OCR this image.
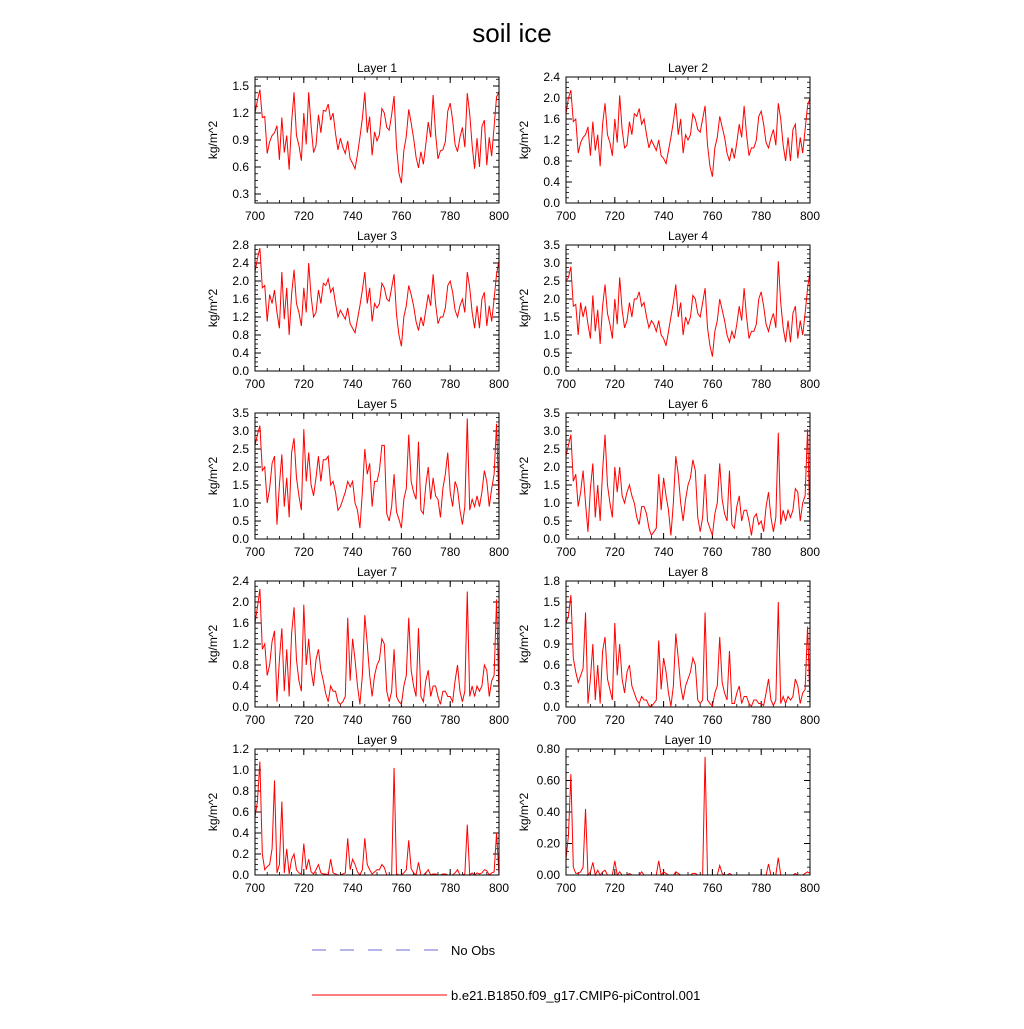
soil ice
Layer 1
kg/m^2
700 720 740 760 780 800
0.3
0.6
0.9
1.2
1.5
Layer 2
kg/m^2
700 720 740 760 780 800
0.0
0.4
0.8
1.2
1.6
2.0
2.4
Layer 3
kg/m^2
700 720 740 760 780 800
0.0
0.4
0.8
1.2
1.6
2.0
2.4
2.8
Layer 4
kg/m^2
700 720 740 760 780 800
0.0
0.5
1.0
1.5
2.0
2.5
3.0
3.5
Layer 5
kg/m^2
700 720 740 760 780 800
0.0
0.5
1.0
1.5
2.0
2.5
3.0
3.5
Layer 6
kg/m^2
700 720 740 760 780 800
0.0
0.5
1.0
1.5
2.0
2.5
3.0
3.5
Layer 7
kg/m^2
700 720 740 760 780 800
0.0
0.4
0.8
1.2
1.6
2.0
2.4
Layer 8
kg/m^2
700 720 740 760 780 800
0.0
0.3
0.6
0.9
1.2
1.5
1.8
Layer 9
kg/m^2
700 720 740 760 780 800
0.0
0.2
0.4
0.6
0.8
1.0
1.2
Layer 10
kg/m^2
700 720 740 760 780 800
0.00
0.20
0.40
0.60
0.80
No Obs
b.e21.B1850.f09_g17.CMIP6-piControl.001
